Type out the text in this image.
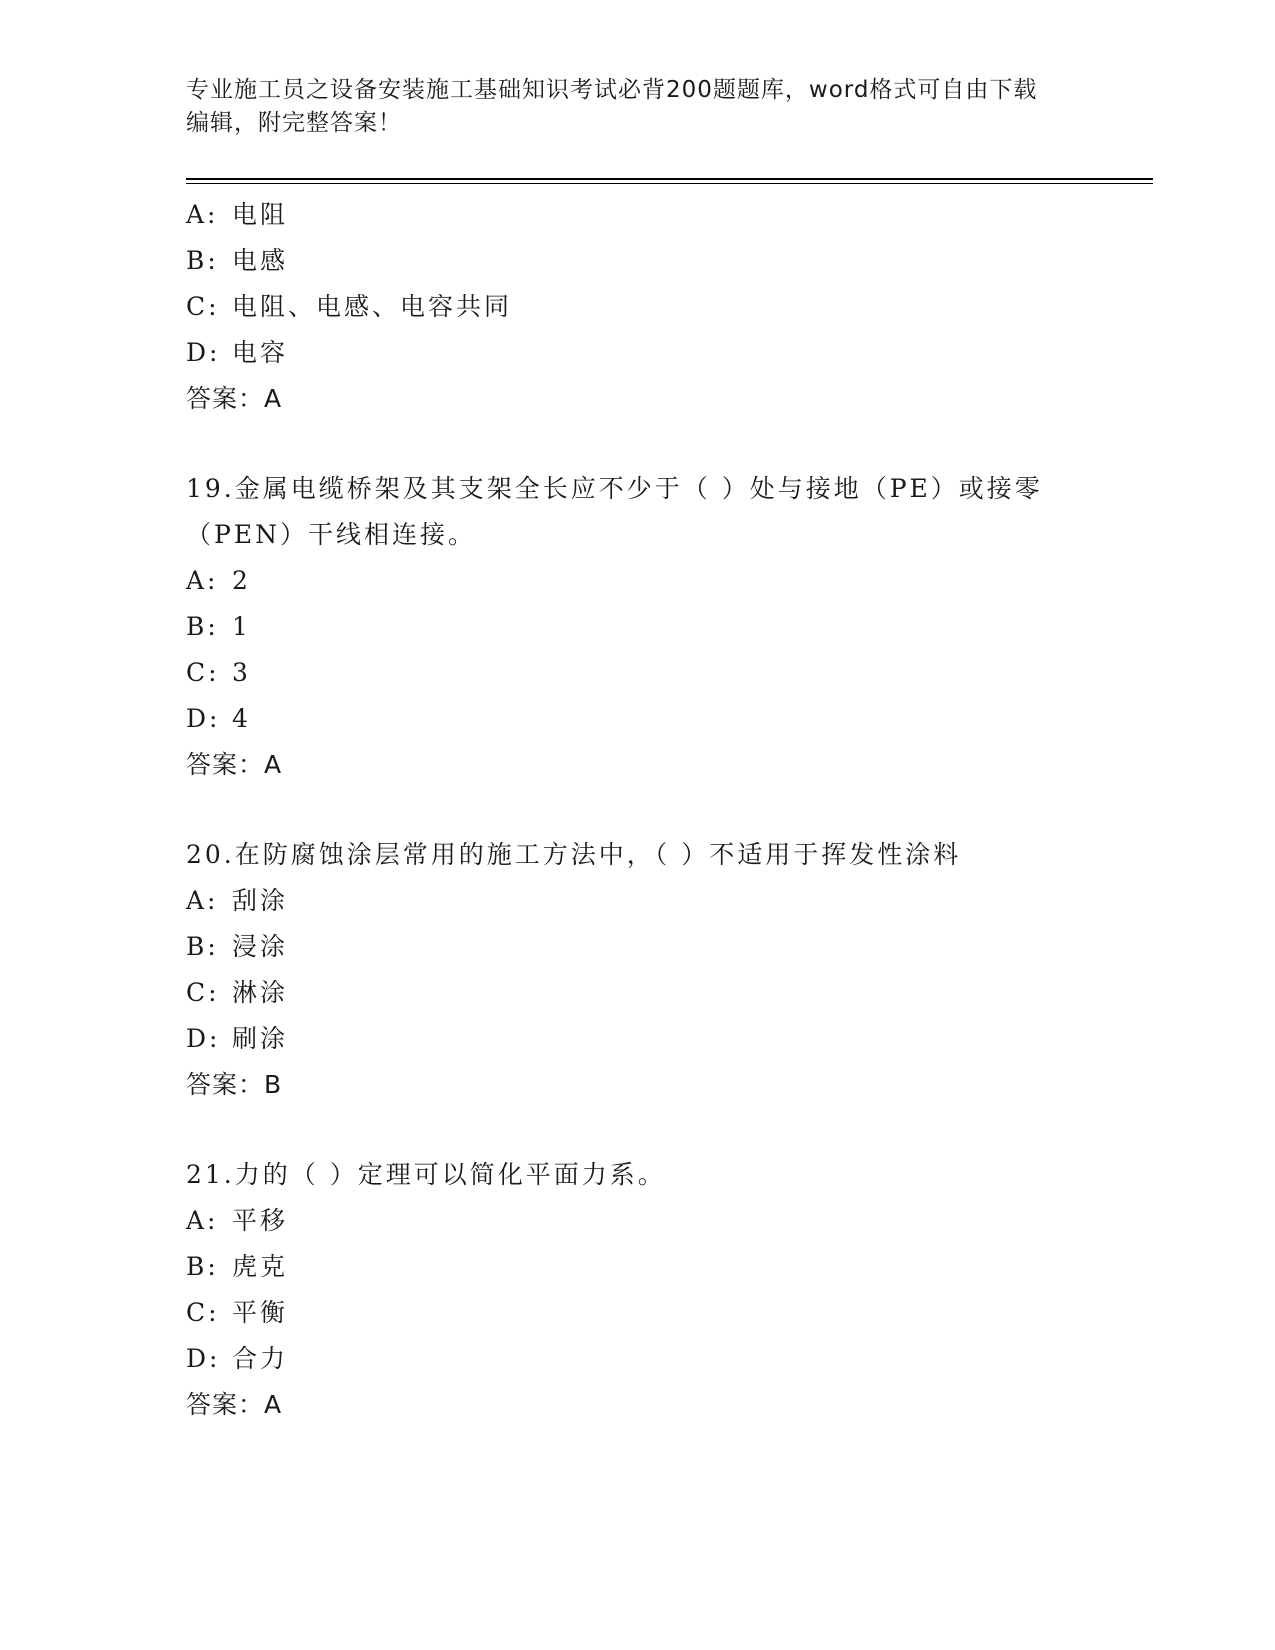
专业施工员之设备安装施工基础知识考试必背200题题库，word格式可自由下载
编辑，附完整答案！
A: 电阻
B: 电感
C: 电阻、电感、电容共同
D: 电容
答案：A
19.金属电缆桥架及其支架全长应不少于（ ）处与接地（PE）或接零
（PEN）干线相连接。
A: 2
B: 1
C: 3
D: 4
答案：A
20.在防腐蚀涂层常用的施工方法中，（ ）不适用于挥发性涂料
A: 刮涂
B: 浸涂
C: 淋涂
D: 刷涂
答案：B
21.力的（ ）定理可以简化平面力系。
A: 平移
B: 虎克
C: 平衡
D: 合力
答案：A
